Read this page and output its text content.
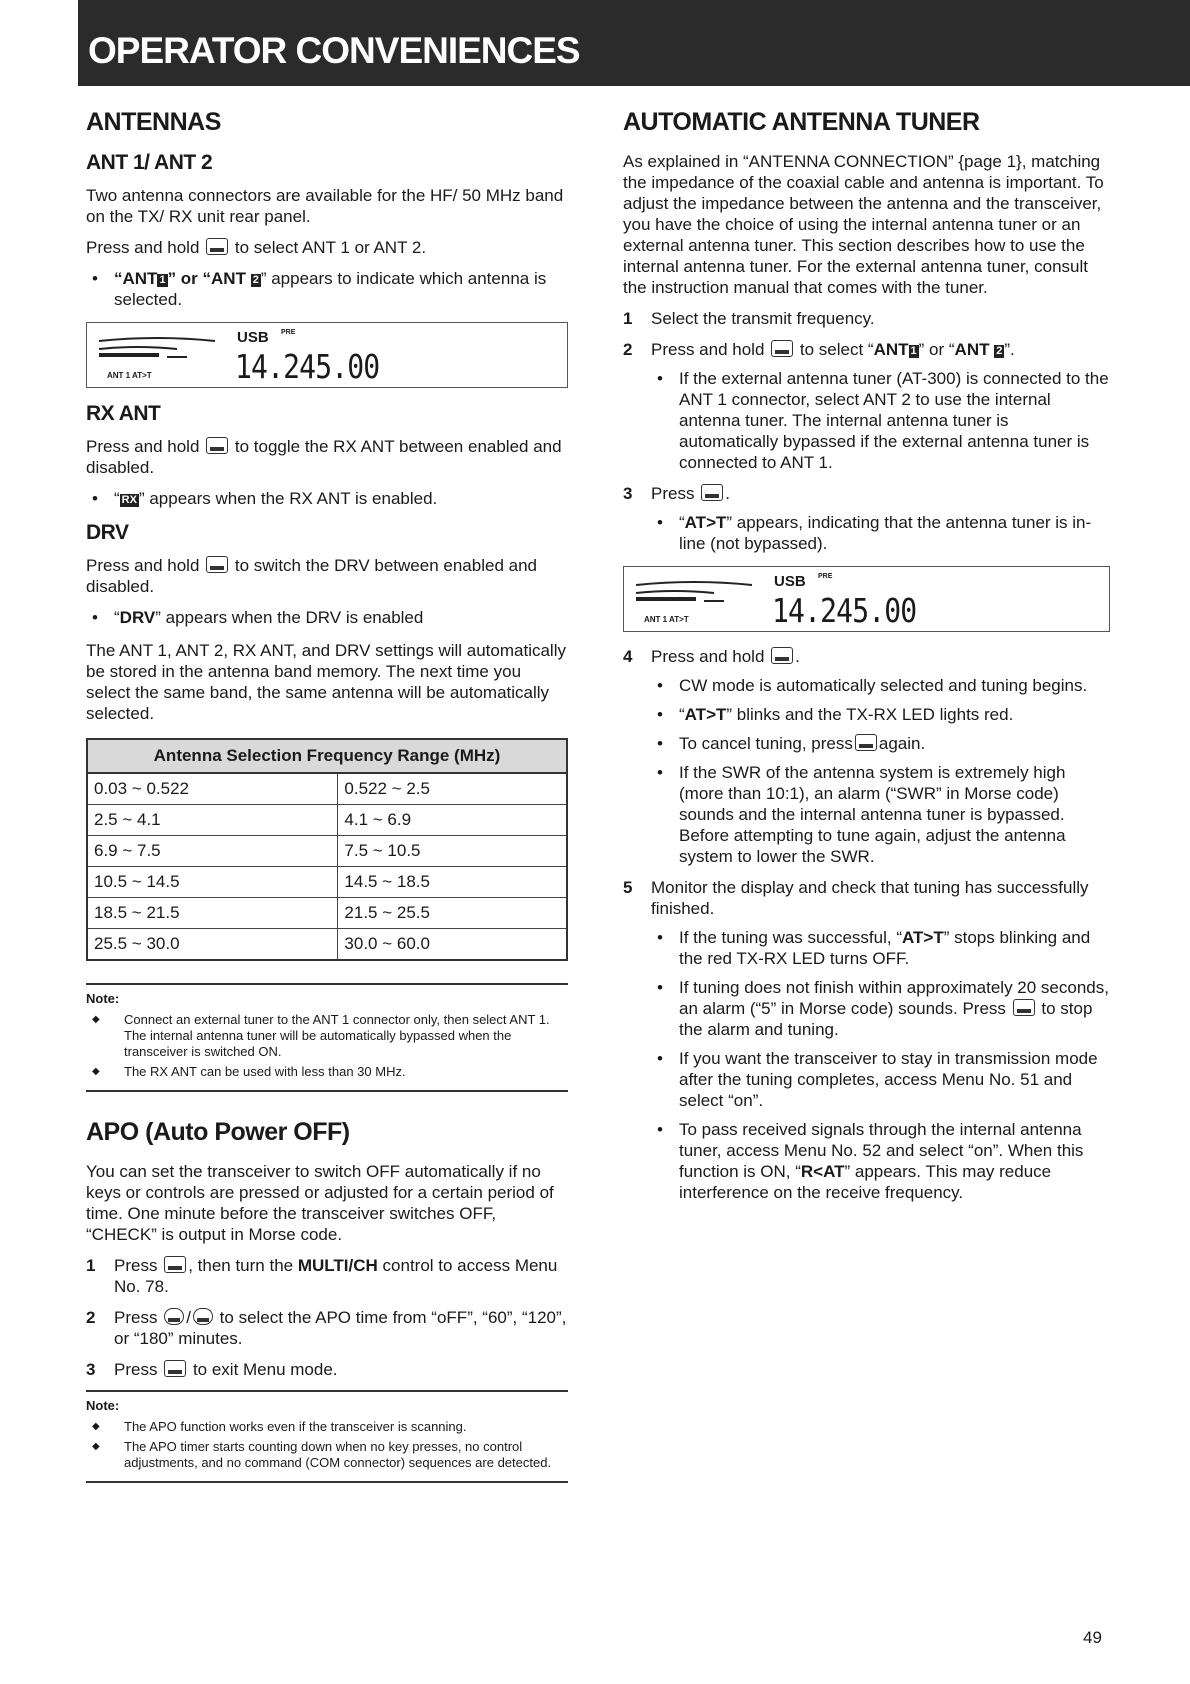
OPERATOR CONVENIENCES
ANTENNAS
ANT 1/ ANT 2

Two antenna connectors are available for the HF/ 50 MHz band on the TX/ RX unit rear panel.

Press and hold to select ANT 1 or ANT 2.

• “ANT 1 ” or “ANT 2 ” appears to indicate which antenna is selected.
USB PRE
14.245.00
ANT 1 AT>T
RX ANT

Press and hold to toggle the RX ANT between enabled and disabled.

• “ RX ” appears when the RX ANT is enabled.
DRV

Press and hold to switch the DRV between enabled and disabled.

• “DRV” appears when the DRV is enabled

The ANT 1, ANT 2, RX ANT, and DRV settings will automatically be stored in the antenna band memory. The next time you select the same band, the same antenna will be automatically selected.

Antenna Selection Frequency Range (MHz)	
0.03 ~ 0.522	0.522 ~ 2.5
2.5 ~ 4.1	4.1 ~ 6.9
6.9 ~ 7.5	7.5 ~ 10.5
10.5 ~ 14.5	14.5 ~ 18.5
18.5 ~ 21.5	21.5 ~ 25.5
25.5 ~ 30.0	30.0 ~ 60.0
Note:
◆ Connect an external tuner to the ANT 1 connector only, then select ANT 1. The internal antenna tuner will be automatically bypassed when the transceiver is switched ON.
◆ The RX ANT can be used with less than 30 MHz.
APO (Auto Power OFF)

You can set the transceiver to switch OFF automatically if no keys or controls are pressed or adjusted for a certain period of time. One minute before the transceiver switches OFF, “CHECK” is output in Morse code.

1 Press , then turn the MULTI/CH control to access Menu No. 78.
2 Press / to select the APO time from “oFF”, “60”, “120”, or “180” minutes.
3 Press to exit Menu mode.
Note:
◆ The APO function works even if the transceiver is scanning.
◆ The APO timer starts counting down when no key presses, no control adjustments, and no command (COM connector) sequences are detected.
AUTOMATIC ANTENNA TUNER

As explained in “ANTENNA CONNECTION” {page 1}, matching the impedance of the coaxial cable and antenna is important. To adjust the impedance between the antenna and the transceiver, you have the choice of using the internal antenna tuner or an external antenna tuner. This section describes how to use the internal antenna tuner. For the external antenna tuner, consult the instruction manual that comes with the tuner.

1 Select the transmit frequency.
2 Press and hold to select “ANT 1 ” or “ANT 2 ”.
• If the external antenna tuner (AT-300) is connected to the ANT 1 connector, select ANT 2 to use the internal antenna tuner. The internal antenna tuner is automatically bypassed if the external antenna tuner is connected to ANT 1.
3 Press .
• “AT>T” appears, indicating that the antenna tuner is in-line (not bypassed).
USB PRE
14.245.00
ANT 1 AT>T
4 Press and hold .
• CW mode is automatically selected and tuning begins.
• “AT>T” blinks and the TX-RX LED lights red.
• To cancel tuning, press again.
• If the SWR of the antenna system is extremely high (more than 10:1), an alarm (“SWR” in Morse code) sounds and the internal antenna tuner is bypassed. Before attempting to tune again, adjust the antenna system to lower the SWR.
5 Monitor the display and check that tuning has successfully finished.
• If the tuning was successful, “AT>T” stops blinking and the red TX-RX LED turns OFF.
• If tuning does not finish within approximately 20 seconds, an alarm (“5” in Morse code) sounds. Press to stop the alarm and tuning.
• If you want the transceiver to stay in transmission mode after the tuning completes, access Menu No. 51 and select “on”.
• To pass received signals through the internal antenna tuner, access Menu No. 52 and select “on”. When this function is ON, “R<AT” appears. This may reduce interference on the receive frequency.
49
